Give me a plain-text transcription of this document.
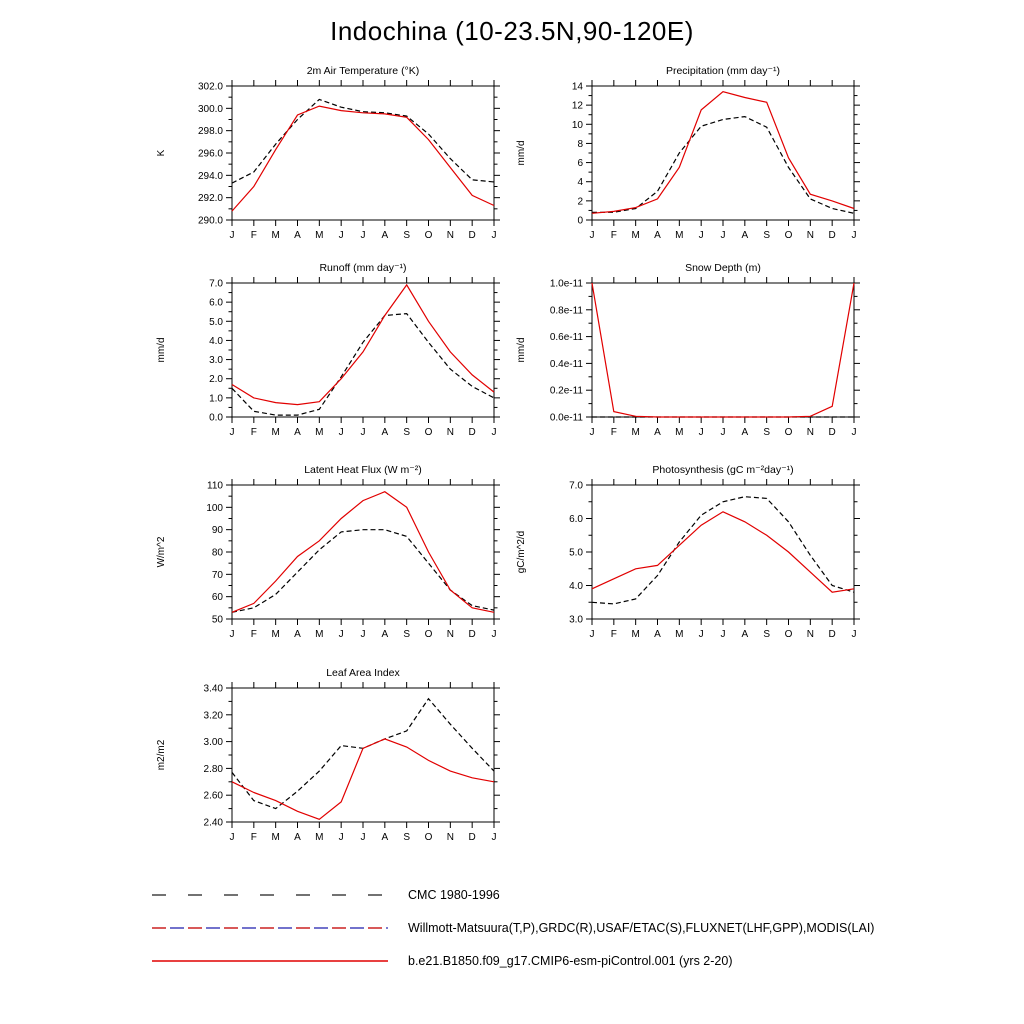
Indochina (10-23.5N,90-120E)
2m Air Temperature (°K)
K
290.0
292.0
294.0
296.0
298.0
300.0
302.0
J F M A M J J A S O N D J
Precipitation (mm day⁻¹)
mm/d
0
2
4
6
8
10
12
14
J F M A M J J A S O N D J
Runoff (mm day⁻¹)
mm/d
0.0
1.0
2.0
3.0
4.0
5.0
6.0
7.0
J F M A M J J A S O N D J
Snow Depth (m)
mm/d
0.0e-11
0.2e-11
0.4e-11
0.6e-11
0.8e-11
1.0e-11
J F M A M J J A S O N D J
Latent Heat Flux (W m⁻²)
W/m^2
50
60
70
80
90
100
110
J F M A M J J A S O N D J
Photosynthesis (gC m⁻²day⁻¹)
gC/m^2/d
3.0
4.0
5.0
6.0
7.0
J F M A M J J A S O N D J
Leaf Area Index
m2/m2
2.40
2.60
2.80
3.00
3.20
3.40
J F M A M J J A S O N D J
CMC 1980-1996
Willmott-Matsuura(T,P),GRDC(R),USAF/ETAC(S),FLUXNET(LHF,GPP),MODIS(LAI)
b.e21.B1850.f09_g17.CMIP6-esm-piControl.001 (yrs 2-20)
